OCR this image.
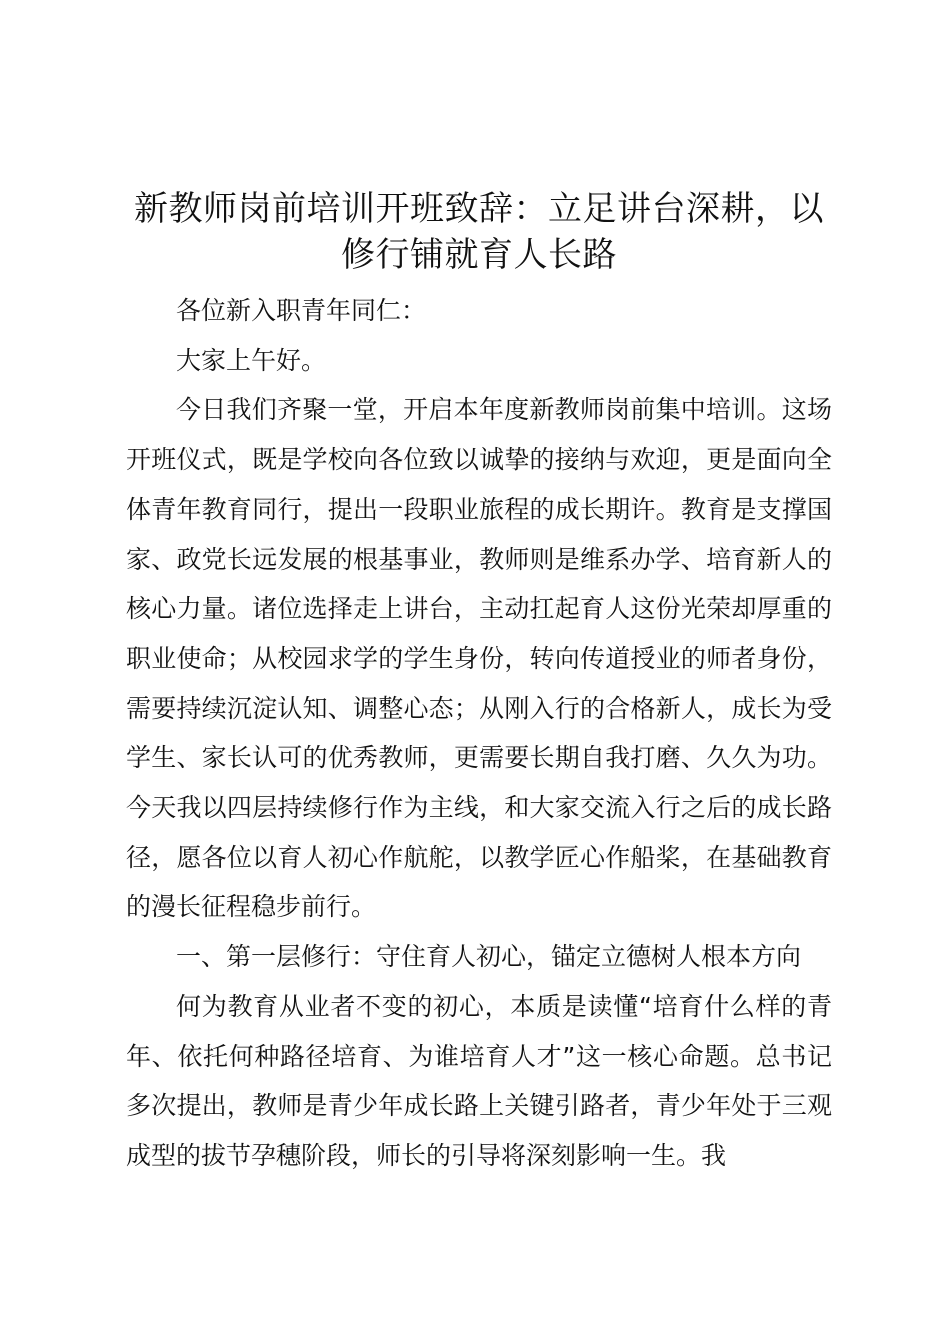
新教师岗前培训开班致辞：立足讲台深耕，以修行铺就育人长路

各位新入职青年同仁：

大家上午好。

今日我们齐聚一堂，开启本年度新教师岗前集中培训。这场开班仪式，既是学校向各位致以诚挚的接纳与欢迎，更是面向全体青年教育同行，提出一段职业旅程的成长期许。教育是支撑国家、政党长远发展的根基事业，教师则是维系办学、培育新人的核心力量。诸位选择走上讲台，主动扛起育人这份光荣却厚重的职业使命；从校园求学的学生身份，转向传道授业的师者身份，需要持续沉淀认知、调整心态；从刚入行的合格新人，成长为受学生、家长认可的优秀教师，更需要长期自我打磨、久久为功。今天我以四层持续修行作为主线，和大家交流入行之后的成长路径，愿各位以育人初心作航舵，以教学匠心作船桨，在基础教育的漫长征程稳步前行。

一、第一层修行：守住育人初心，锚定立德树人根本方向

何为教育从业者不变的初心，本质是读懂“培育什么样的青年、依托何种路径培育、为谁培育人才”这一核心命题。总书记多次提出，教师是青少年成长路上关键引路者，青少年处于三观成型的拔节孕穗阶段，师长的引导将深刻影响一生。我
